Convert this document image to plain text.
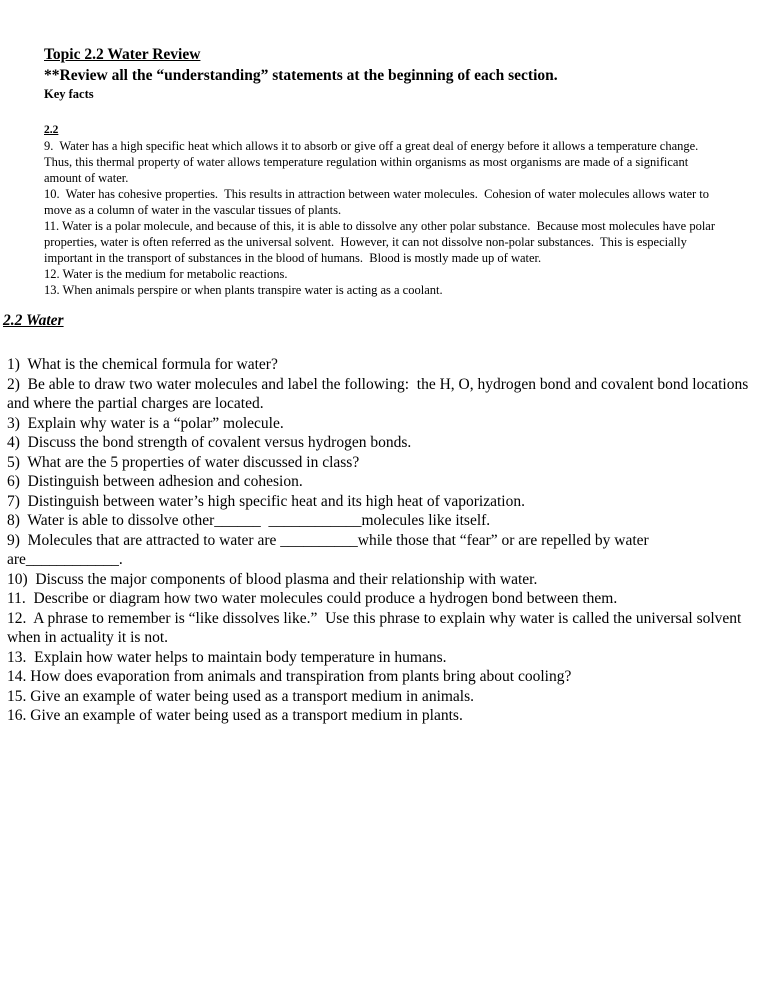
Topic 2.2 Water Review

**Review all the “understanding” statements at the beginning of each section.

Key facts

2.2

9.  Water has a high specific heat which allows it to absorb or give off a great deal of energy before it allows a temperature change.  Thus, this thermal property of water allows temperature regulation within organisms as most organisms are made of a significant amount of water.

10.  Water has cohesive properties.  This results in attraction between water molecules.  Cohesion of water molecules allows water to move as a column of water in the vascular tissues of plants.

11. Water is a polar molecule, and because of this, it is able to dissolve any other polar substance.  Because most molecules have polar properties, water is often referred as the universal solvent.  However, it can not dissolve non-polar substances.  This is especially important in the transport of substances in the blood of humans.  Blood is mostly made up of water.

12. Water is the medium for metabolic reactions.

13. When animals perspire or when plants transpire water is acting as a coolant.

2.2 Water

1)  What is the chemical formula for water?

2)  Be able to draw two water molecules and label the following:  the H, O, hydrogen bond and covalent bond locations and where the partial charges are located.

3)  Explain why water is a “polar” molecule.

4)  Discuss the bond strength of covalent versus hydrogen bonds.

5)  What are the 5 properties of water discussed in class?

6)  Distinguish between adhesion and cohesion.

7)  Distinguish between water’s high specific heat and its high heat of vaporization.

8)  Water is able to dissolve other______  ____________molecules like itself.

9)  Molecules that are attracted to water are __________while those that “fear” or are repelled by water are____________.

10)  Discuss the major components of blood plasma and their relationship with water.

11.  Describe or diagram how two water molecules could produce a hydrogen bond between them.

12.  A phrase to remember is “like dissolves like.”  Use this phrase to explain why water is called the universal solvent when in actuality it is not.

13.  Explain how water helps to maintain body temperature in humans.

14. How does evaporation from animals and transpiration from plants bring about cooling?

15. Give an example of water being used as a transport medium in animals.

16. Give an example of water being used as a transport medium in plants.
